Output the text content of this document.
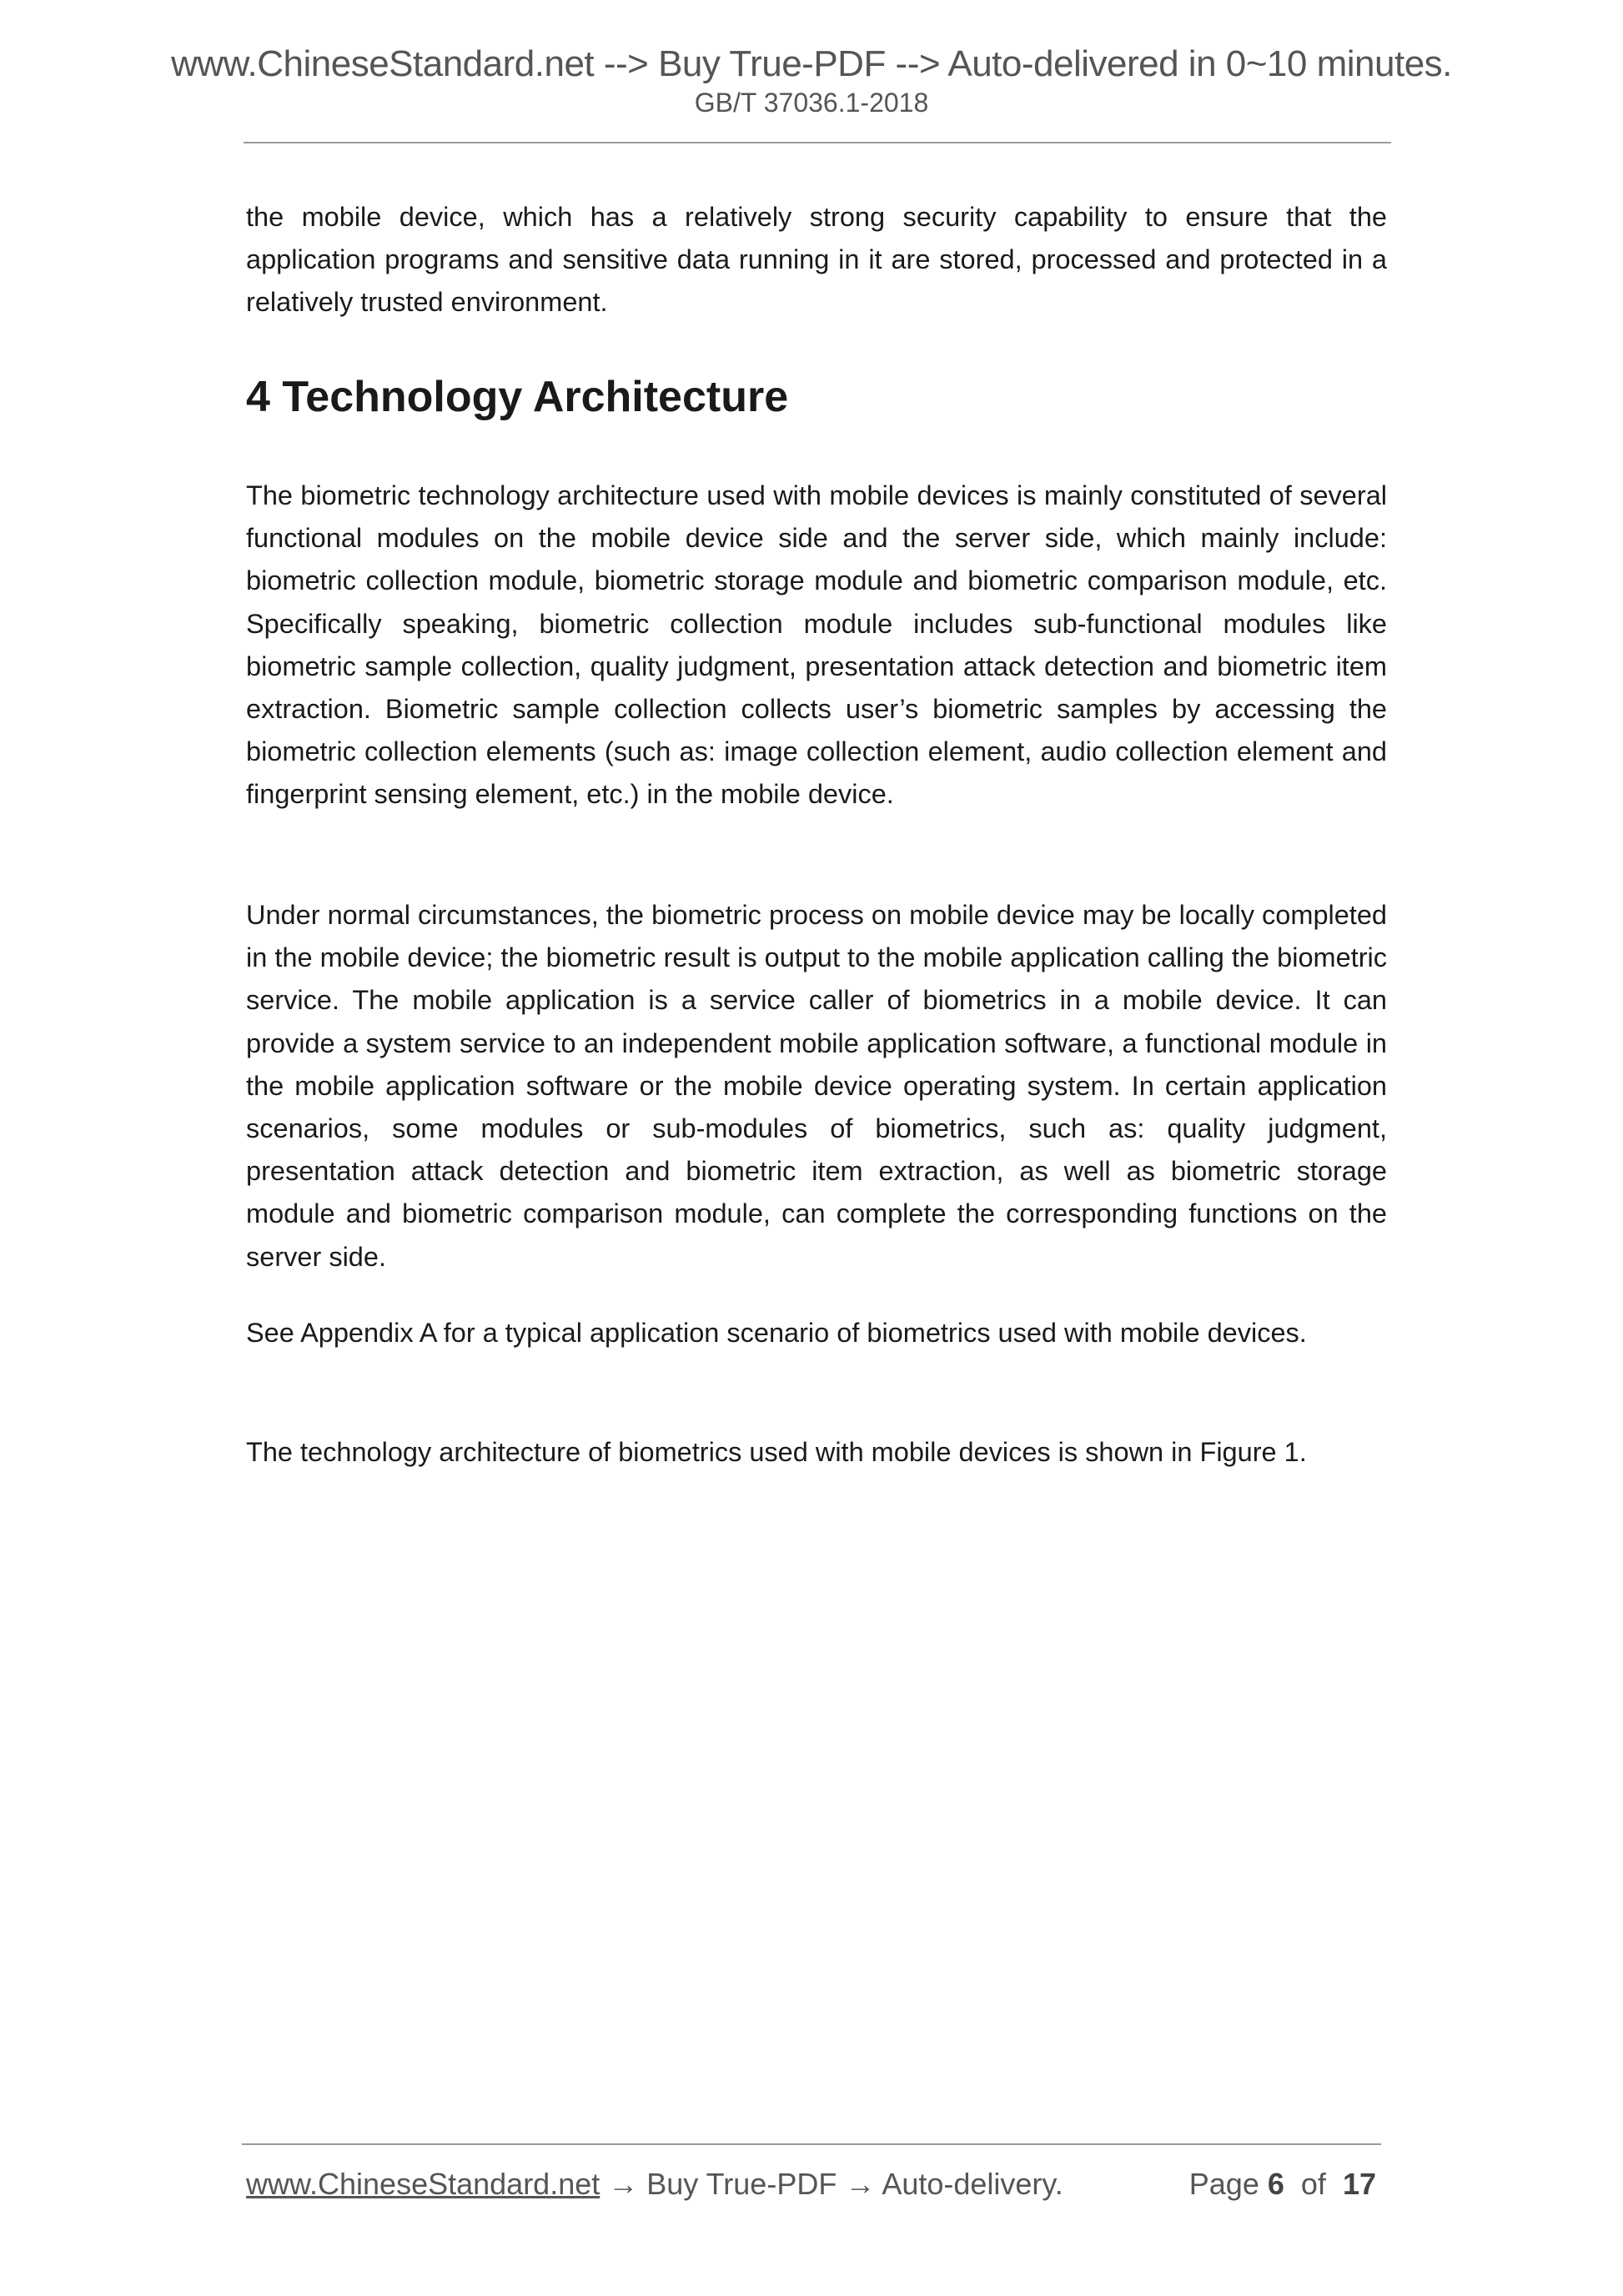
www.ChineseStandard.net --> Buy True-PDF --> Auto-delivered in 0~10 minutes.
GB/T 37036.1-2018
the mobile device, which has a relatively strong security capability to ensure that the application programs and sensitive data running in it are stored, processed and protected in a relatively trusted environment.
4 Technology Architecture
The biometric technology architecture used with mobile devices is mainly constituted of several functional modules on the mobile device side and the server side, which mainly include: biometric collection module, biometric storage module and biometric comparison module, etc. Specifically speaking, biometric collection module includes sub-functional modules like biometric sample collection, quality judgment, presentation attack detection and biometric item extraction. Biometric sample collection collects user’s biometric samples by accessing the biometric collection elements (such as: image collection element, audio collection element and fingerprint sensing element, etc.) in the mobile device.
Under normal circumstances, the biometric process on mobile device may be locally completed in the mobile device; the biometric result is output to the mobile application calling the biometric service. The mobile application is a service caller of biometrics in a mobile device. It can provide a system service to an independent mobile application software, a functional module in the mobile application software or the mobile device operating system. In certain application scenarios, some modules or sub-modules of biometrics, such as: quality judgment, presentation attack detection and biometric item extraction, as well as biometric storage module and biometric comparison module, can complete the corresponding functions on the server side.
See Appendix A for a typical application scenario of biometrics used with mobile devices.
The technology architecture of biometrics used with mobile devices is shown in Figure 1.
www.ChineseStandard.net → Buy True-PDF → Auto-delivery.	Page 6 of 17
